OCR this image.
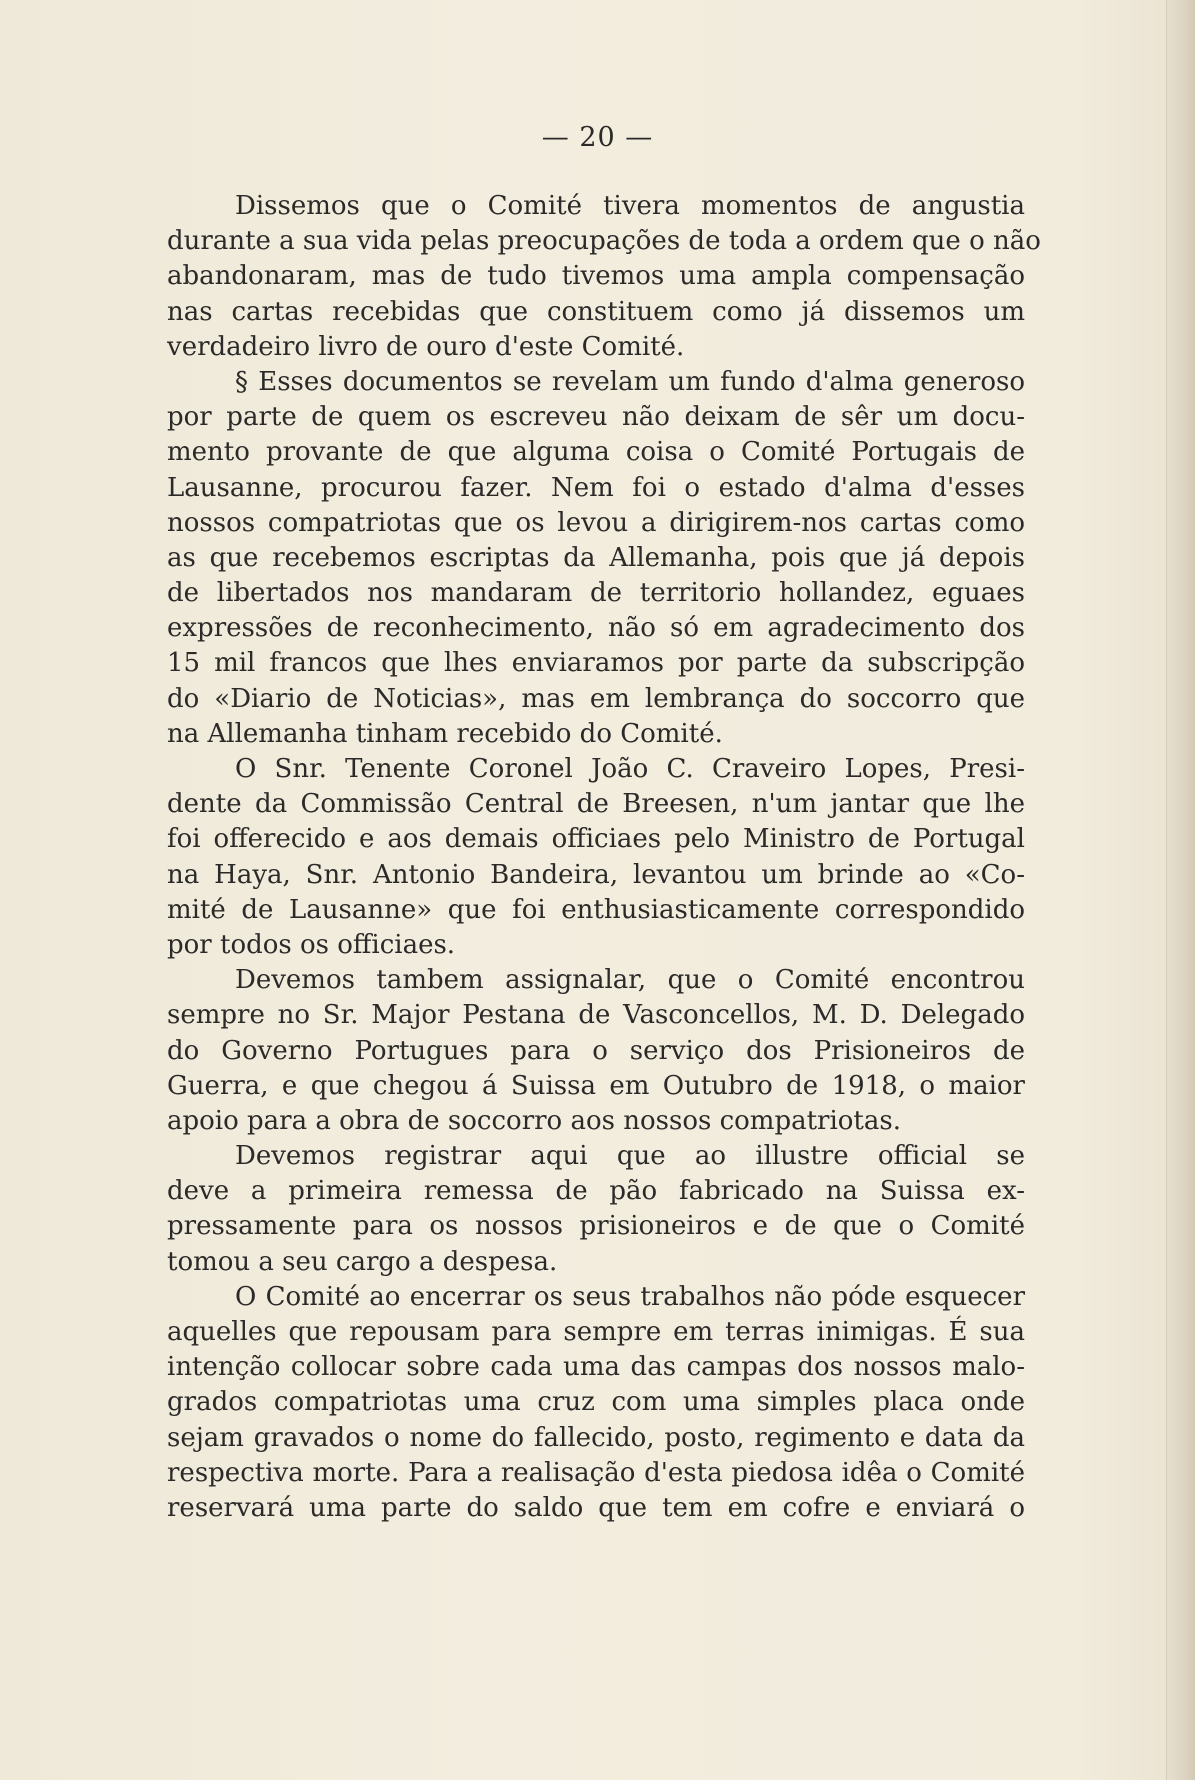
— 20 —
Dissemos que o Comité tivera momentos de angustia
durante a sua vida pelas preocupações de toda a ordem que o não
abandonaram, mas de tudo tivemos uma ampla compensação
nas cartas recebidas que constituem como já dissemos um
verdadeiro livro de ouro d'este Comité.
§ Esses documentos se revelam um fundo d'alma generoso
por parte de quem os escreveu não deixam de sêr um docu-
mento provante de que alguma coisa o Comité Portugais de
Lausanne, procurou fazer. Nem foi o estado d'alma d'esses
nossos compatriotas que os levou a dirigirem-nos cartas como
as que recebemos escriptas da Allemanha, pois que já depois
de libertados nos mandaram de territorio hollandez, eguaes
expressões de reconhecimento, não só em agradecimento dos
15 mil francos que lhes enviaramos por parte da subscripção
do «Diario de Noticias», mas em lembrança do soccorro que
na Allemanha tinham recebido do Comité.
O Snr. Tenente Coronel João C. Craveiro Lopes, Presi-
dente da Commissão Central de Breesen, n'um jantar que lhe
foi offerecido e aos demais officiaes pelo Ministro de Portugal
na Haya, Snr. Antonio Bandeira, levantou um brinde ao «Co-
mité de Lausanne» que foi enthusiasticamente correspondido
por todos os officiaes.
Devemos tambem assignalar, que o Comité encontrou
sempre no Sr. Major Pestana de Vasconcellos, M. D. Delegado
do Governo Portugues para o serviço dos Prisioneiros de
Guerra, e que chegou á Suissa em Outubro de 1918, o maior
apoio para a obra de soccorro aos nossos compatriotas.
Devemos registrar aqui que ao illustre official se
deve a primeira remessa de pão fabricado na Suissa ex-
pressamente para os nossos prisioneiros e de que o Comité
tomou a seu cargo a despesa.
O Comité ao encerrar os seus trabalhos não póde esquecer
aquelles que repousam para sempre em terras inimigas. É sua
intenção collocar sobre cada uma das campas dos nossos malo-
grados compatriotas uma cruz com uma simples placa onde
sejam gravados o nome do fallecido, posto, regimento e data da
respectiva morte. Para a realisação d'esta piedosa idêa o Comité
reservará uma parte do saldo que tem em cofre e enviará o
